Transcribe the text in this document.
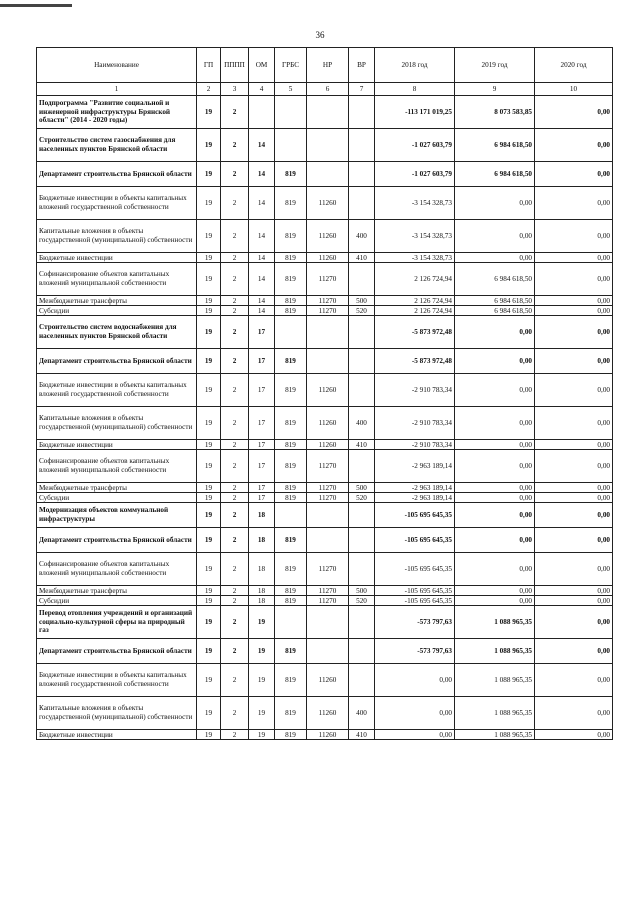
36
Наименование	ГП	ПППП	ОМ	ГРБС	НР	ВР	2018 год	2019 год	2020 год
1	2	3	4	5	6	7	8	9	10
Подпрограмма "Развитие социальной и инженерной инфраструктуры Брянской области" (2014 - 2020 годы)	19	2					-113 171 019,25	8 073 583,85	0,00
Строительство систем газоснабжения для населенных пунктов Брянской области	19	2	14				-1 027 603,79	6 984 618,50	0,00
Департамент строительства Брянской области	19	2	14	819			-1 027 603,79	6 984 618,50	0,00
Бюджетные инвестиции в объекты капитальных вложений государственной собственности	19	2	14	819	11260		-3 154 328,73	0,00	0,00
Капитальные вложения в объекты государственной (муниципальной) собственности	19	2	14	819	11260	400	-3 154 328,73	0,00	0,00
Бюджетные инвестиции	19	2	14	819	11260	410	-3 154 328,73	0,00	0,00
Софинансирование объектов капитальных вложений муниципальной собственности	19	2	14	819	11270		2 126 724,94	6 984 618,50	0,00
Межбюджетные трансферты	19	2	14	819	11270	500	2 126 724,94	6 984 618,50	0,00
Субсидии	19	2	14	819	11270	520	2 126 724,94	6 984 618,50	0,00
Строительство систем водоснабжения для населенных пунктов Брянской области	19	2	17				-5 873 972,48	0,00	0,00
Департамент строительства Брянской области	19	2	17	819			-5 873 972,48	0,00	0,00
Бюджетные инвестиции в объекты капитальных вложений государственной собственности	19	2	17	819	11260		-2 910 783,34	0,00	0,00
Капитальные вложения в объекты государственной (муниципальной) собственности	19	2	17	819	11260	400	-2 910 783,34	0,00	0,00
Бюджетные инвестиции	19	2	17	819	11260	410	-2 910 783,34	0,00	0,00
Софинансирование объектов капитальных вложений муниципальной собственности	19	2	17	819	11270		-2 963 189,14	0,00	0,00
Межбюджетные трансферты	19	2	17	819	11270	500	-2 963 189,14	0,00	0,00
Субсидии	19	2	17	819	11270	520	-2 963 189,14	0,00	0,00
Модернизация объектов коммунальной инфраструктуры	19	2	18				-105 695 645,35	0,00	0,00
Департамент строительства Брянской области	19	2	18	819			-105 695 645,35	0,00	0,00
Софинансирование объектов капитальных вложений муниципальной собственности	19	2	18	819	11270		-105 695 645,35	0,00	0,00
Межбюджетные трансферты	19	2	18	819	11270	500	-105 695 645,35	0,00	0,00
Субсидии	19	2	18	819	11270	520	-105 695 645,35	0,00	0,00
Перевод отопления учреждений и организаций социально-культурной сферы на природный газ	19	2	19				-573 797,63	1 088 965,35	0,00
Департамент строительства Брянской области	19	2	19	819			-573 797,63	1 088 965,35	0,00
Бюджетные инвестиции в объекты капитальных вложений государственной собственности	19	2	19	819	11260		0,00	1 088 965,35	0,00
Капитальные вложения в объекты государственной (муниципальной) собственности	19	2	19	819	11260	400	0,00	1 088 965,35	0,00
Бюджетные инвестиции	19	2	19	819	11260	410	0,00	1 088 965,35	0,00
